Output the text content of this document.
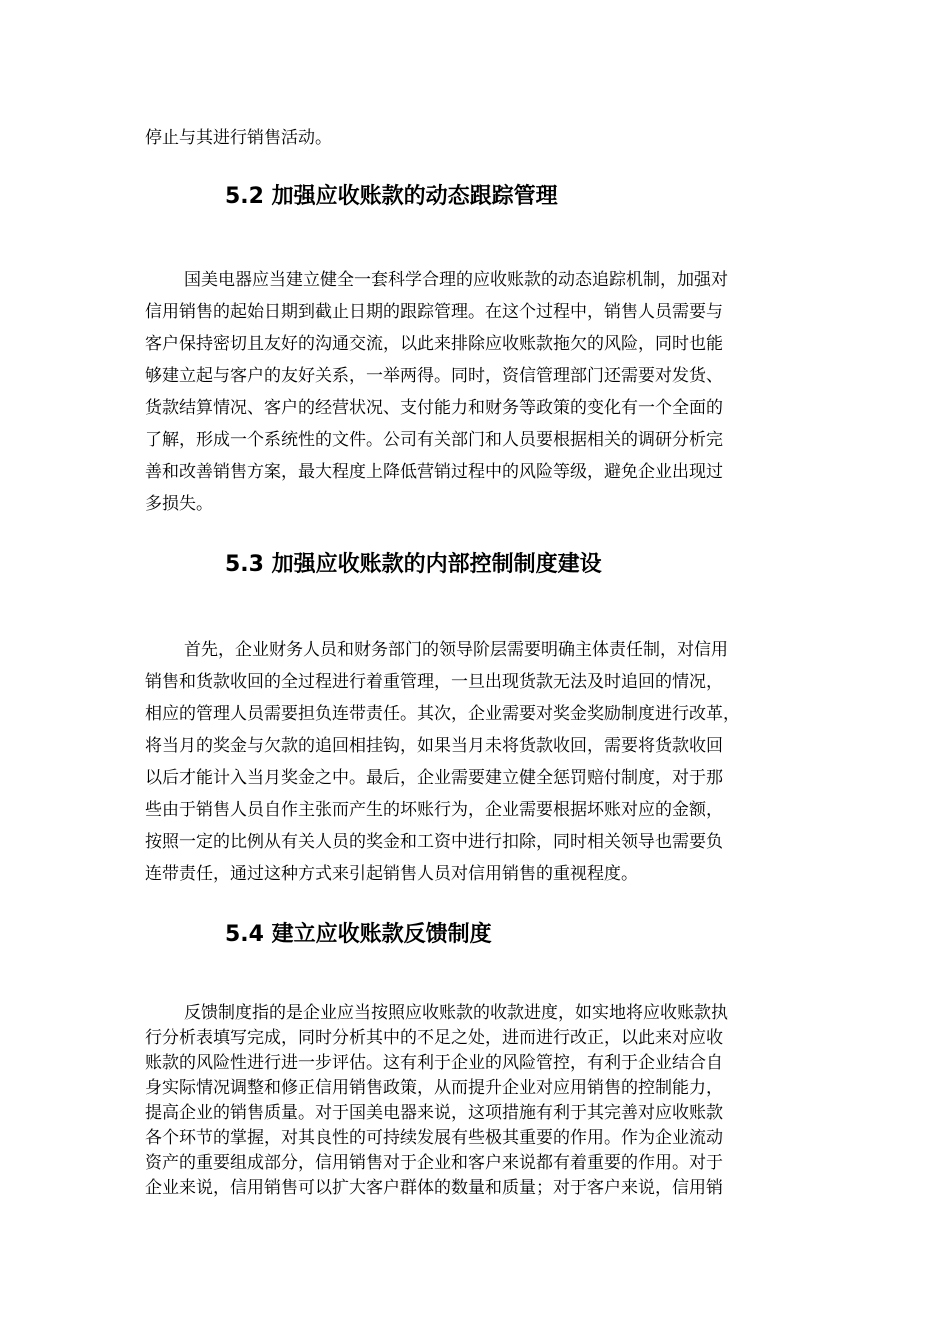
停止与其进行销售活动。

5.2 加强应收账款的动态跟踪管理

国美电器应当建立健全一套科学合理的应收账款的动态追踪机制，加强对

信用销售的起始日期到截止日期的跟踪管理。在这个过程中，销售人员需要与

客户保持密切且友好的沟通交流，以此来排除应收账款拖欠的风险，同时也能

够建立起与客户的友好关系，一举两得。同时，资信管理部门还需要对发货、

货款结算情况、客户的经营状况、支付能力和财务等政策的变化有一个全面的

了解，形成一个系统性的文件。公司有关部门和人员要根据相关的调研分析完

善和改善销售方案，最大程度上降低营销过程中的风险等级，避免企业出现过

多损失。

5.3 加强应收账款的内部控制制度建设

首先，企业财务人员和财务部门的领导阶层需要明确主体责任制，对信用

销售和货款收回的全过程进行着重管理，一旦出现货款无法及时追回的情况，

相应的管理人员需要担负连带责任。其次，企业需要对奖金奖励制度进行改革，

将当月的奖金与欠款的追回相挂钩，如果当月未将货款收回，需要将货款收回

以后才能计入当月奖金之中。最后，企业需要建立健全惩罚赔付制度，对于那

些由于销售人员自作主张而产生的坏账行为，企业需要根据坏账对应的金额，

按照一定的比例从有关人员的奖金和工资中进行扣除，同时相关领导也需要负

连带责任，通过这种方式来引起销售人员对信用销售的重视程度。

5.4 建立应收账款反馈制度

反馈制度指的是企业应当按照应收账款的收款进度，如实地将应收账款执

行分析表填写完成，同时分析其中的不足之处，进而进行改正，以此来对应收

账款的风险性进行进一步评估。这有利于企业的风险管控，有利于企业结合自

身实际情况调整和修正信用销售政策，从而提升企业对应用销售的控制能力，

提高企业的销售质量。对于国美电器来说，这项措施有利于其完善对应收账款

各个环节的掌握，对其良性的可持续发展有些极其重要的作用。作为企业流动

资产的重要组成部分，信用销售对于企业和客户来说都有着重要的作用。对于

企业来说，信用销售可以扩大客户群体的数量和质量；对于客户来说，信用销
